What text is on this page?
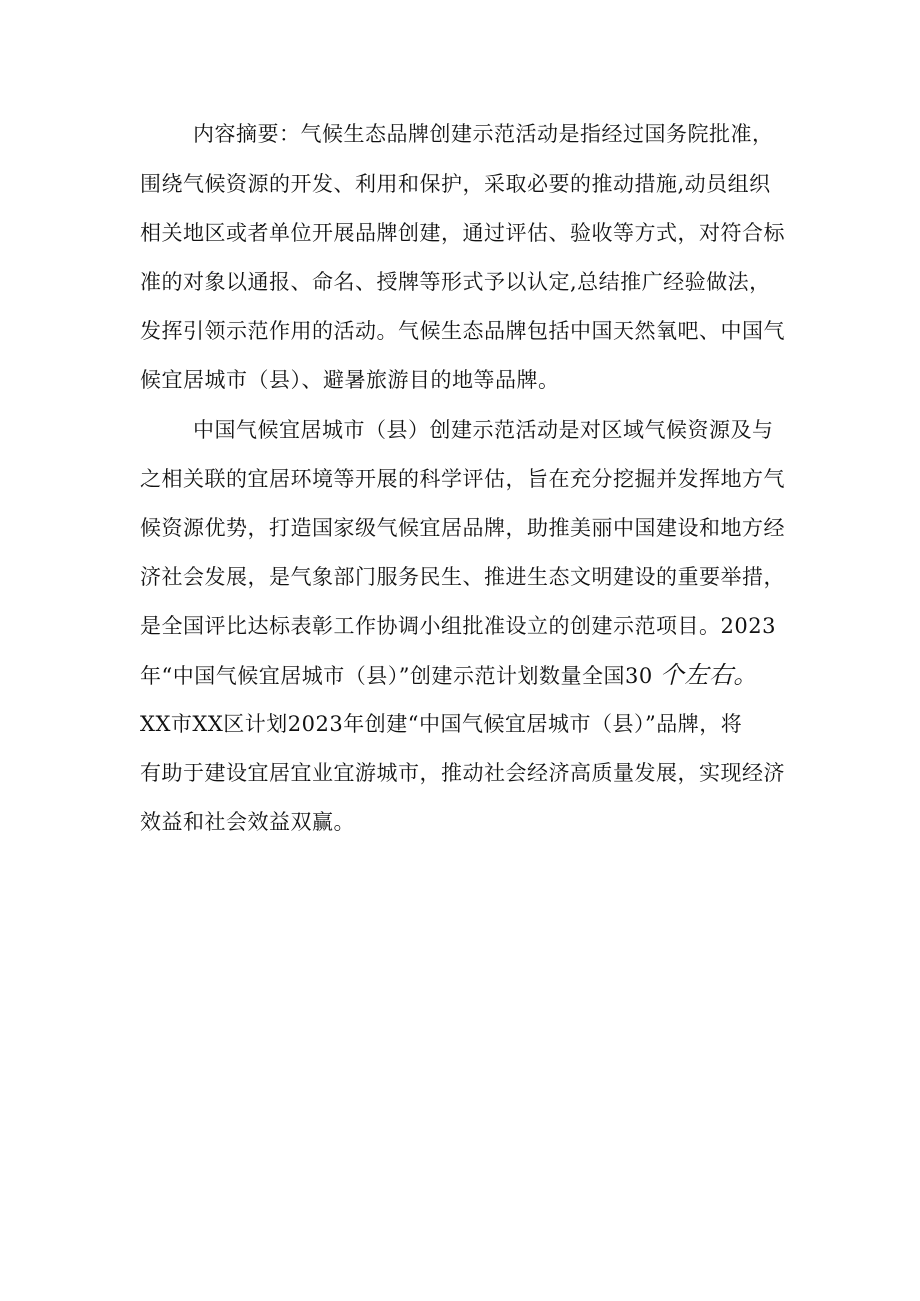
内容摘要：气候生态品牌创建示范活动是指经过国务院批准，
围绕气候资源的开发、利用和保护，采取必要的推动措施,动员组织
相关地区或者单位开展品牌创建，通过评估、验收等方式，对符合标
准的对象以通报、命名、授牌等形式予以认定,总结推广经验做法，
发挥引领示范作用的活动。气候生态品牌包括中国天然氧吧、中国气
候宜居城市（县）、避暑旅游目的地等品牌。
中国气候宜居城市（县）创建示范活动是对区域气候资源及与
之相关联的宜居环境等开展的科学评估，旨在充分挖掘并发挥地方气
候资源优势，打造国家级气候宜居品牌，助推美丽中国建设和地方经
济社会发展，是气象部门服务民生、推进生态文明建设的重要举措，
是全国评比达标表彰工作协调小组批准设立的创建示范项目。2023
年“中国气候宜居城市（县）”创建示范计划数量全国30 个左右。
XX市XX区计划2023年创建“中国气候宜居城市（县）”品牌，将
有助于建设宜居宜业宜游城市，推动社会经济高质量发展，实现经济
效益和社会效益双赢。
